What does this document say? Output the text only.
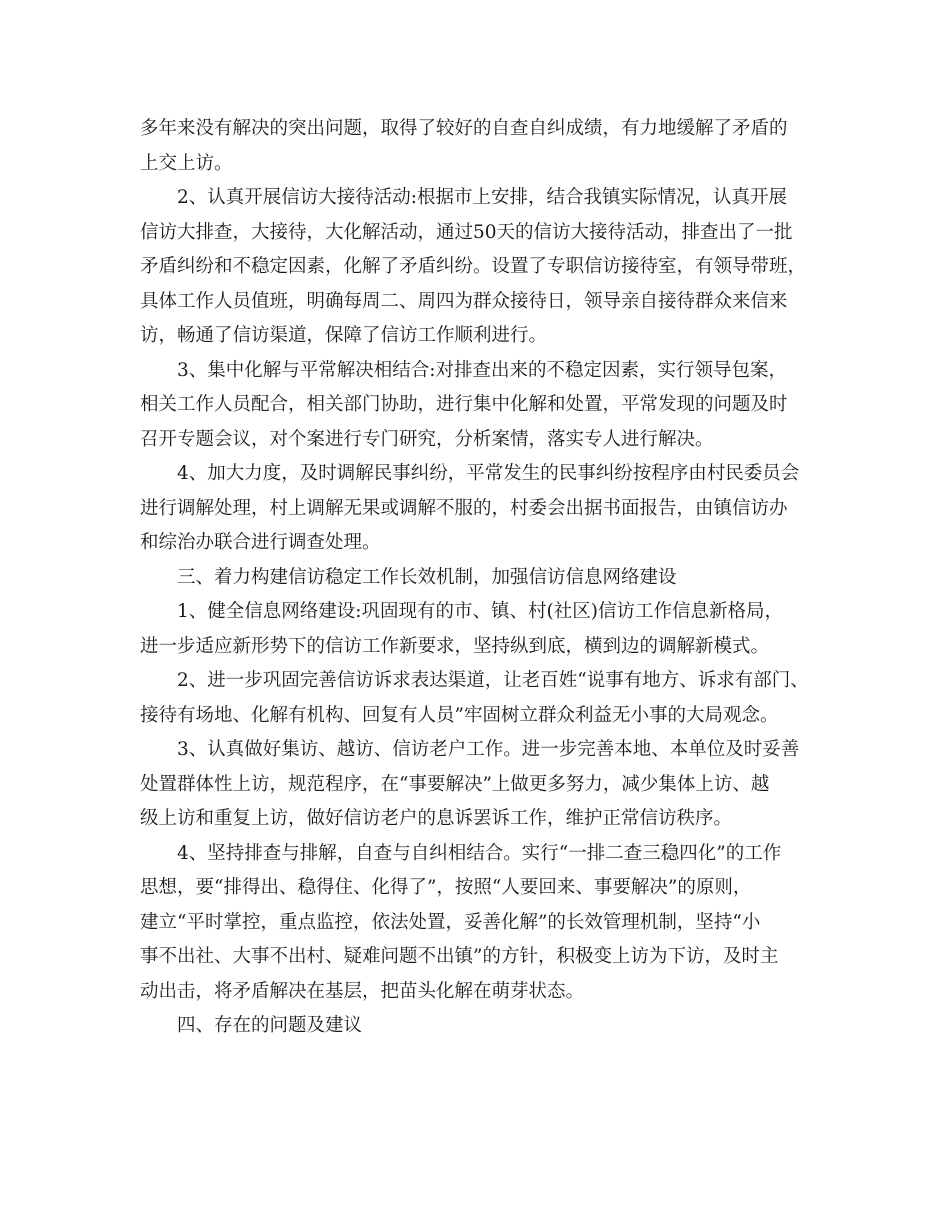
多年来没有解决的突出问题，取得了较好的自查自纠成绩，有力地缓解了矛盾的
上交上访。
2、认真开展信访大接待活动:根据市上安排，结合我镇实际情况，认真开展
信访大排查，大接待，大化解活动，通过50天的信访大接待活动，排查出了一批
矛盾纠纷和不稳定因素，化解了矛盾纠纷。设置了专职信访接待室，有领导带班，
具体工作人员值班，明确每周二、周四为群众接待日，领导亲自接待群众来信来
访，畅通了信访渠道，保障了信访工作顺利进行。
3、集中化解与平常解决相结合:对排查出来的不稳定因素，实行领导包案，
相关工作人员配合，相关部门协助，进行集中化解和处置，平常发现的问题及时
召开专题会议，对个案进行专门研究，分析案情，落实专人进行解决。
4、加大力度，及时调解民事纠纷，平常发生的民事纠纷按程序由村民委员会
进行调解处理，村上调解无果或调解不服的，村委会出据书面报告，由镇信访办
和综治办联合进行调查处理。
三、着力构建信访稳定工作长效机制，加强信访信息网络建设
1、健全信息网络建设:巩固现有的市、镇、村(社区)信访工作信息新格局，
进一步适应新形势下的信访工作新要求，坚持纵到底，横到边的调解新模式。
2、进一步巩固完善信访诉求表达渠道，让老百姓“说事有地方、诉求有部门、
接待有场地、化解有机构、回复有人员”牢固树立群众利益无小事的大局观念。
3、认真做好集访、越访、信访老户工作。进一步完善本地、本单位及时妥善
处置群体性上访，规范程序，在“事要解决”上做更多努力，减少集体上访、越
级上访和重复上访，做好信访老户的息诉罢诉工作，维护正常信访秩序。
4、坚持排查与排解，自查与自纠相结合。实行“一排二查三稳四化”的工作
思想，要“排得出、稳得住、化得了”，按照“人要回来、事要解决”的原则，
建立“平时掌控，重点监控，依法处置，妥善化解”的长效管理机制，坚持“小
事不出社、大事不出村、疑难问题不出镇”的方针，积极变上访为下访，及时主
动出击，将矛盾解决在基层，把苗头化解在萌芽状态。
四、存在的问题及建议
